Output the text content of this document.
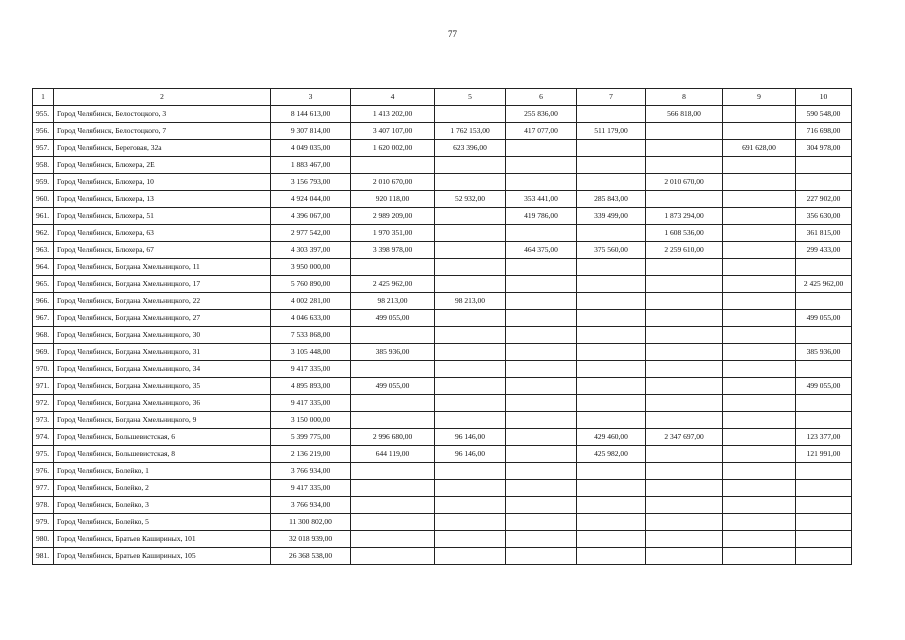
77
1	2	3	4	5	6	7	8	9	10
955.	Город Челябинск, Белостоцкого, 3	8 144 613,00	1 413 202,00		255 836,00		566 818,00		590 548,00
956.	Город Челябинск, Белостоцкого, 7	9 307 814,00	3 407 107,00	1 762 153,00	417 077,00	511 179,00			716 698,00
957.	Город Челябинск, Береговая, 32а	4 049 035,00	1 620 002,00	623 396,00				691 628,00	304 978,00
958.	Город Челябинск, Блюхера, 2Е	1 883 467,00							
959.	Город Челябинск, Блюхера, 10	3 156 793,00	2 010 670,00				2 010 670,00		
960.	Город Челябинск, Блюхера, 13	4 924 044,00	920 118,00	52 932,00	353 441,00	285 843,00			227 902,00
961.	Город Челябинск, Блюхера, 51	4 396 067,00	2 989 209,00		419 786,00	339 499,00	1 873 294,00		356 630,00
962.	Город Челябинск, Блюхера, 63	2 977 542,00	1 970 351,00				1 608 536,00		361 815,00
963.	Город Челябинск, Блюхера, 67	4 303 397,00	3 398 978,00		464 375,00	375 560,00	2 259 610,00		299 433,00
964.	Город Челябинск, Богдана Хмельницкого, 11	3 950 000,00							
965.	Город Челябинск, Богдана Хмельницкого, 17	5 760 890,00	2 425 962,00						2 425 962,00
966.	Город Челябинск, Богдана Хмельницкого, 22	4 002 281,00	98 213,00	98 213,00					
967.	Город Челябинск, Богдана Хмельницкого, 27	4 046 633,00	499 055,00						499 055,00
968.	Город Челябинск, Богдана Хмельницкого, 30	7 533 868,00							
969.	Город Челябинск, Богдана Хмельницкого, 31	3 105 448,00	385 936,00						385 936,00
970.	Город Челябинск, Богдана Хмельницкого, 34	9 417 335,00							
971.	Город Челябинск, Богдана Хмельницкого, 35	4 895 893,00	499 055,00						499 055,00
972.	Город Челябинск, Богдана Хмельницкого, 36	9 417 335,00							
973.	Город Челябинск, Богдана Хмельницкого, 9	3 150 000,00							
974.	Город Челябинск, Большевистская, 6	5 399 775,00	2 996 680,00	96 146,00		429 460,00	2 347 697,00		123 377,00
975.	Город Челябинск, Большевистская, 8	2 136 219,00	644 119,00	96 146,00		425 982,00			121 991,00
976.	Город Челябинск, Болейко, 1	3 766 934,00							
977.	Город Челябинск, Болейко, 2	9 417 335,00							
978.	Город Челябинск, Болейко, 3	3 766 934,00							
979.	Город Челябинск, Болейко, 5	11 300 802,00							
980.	Город Челябинск, Братьев Кашириных, 101	32 018 939,00							
981.	Город Челябинск, Братьев Кашириных, 105	26 368 538,00							
